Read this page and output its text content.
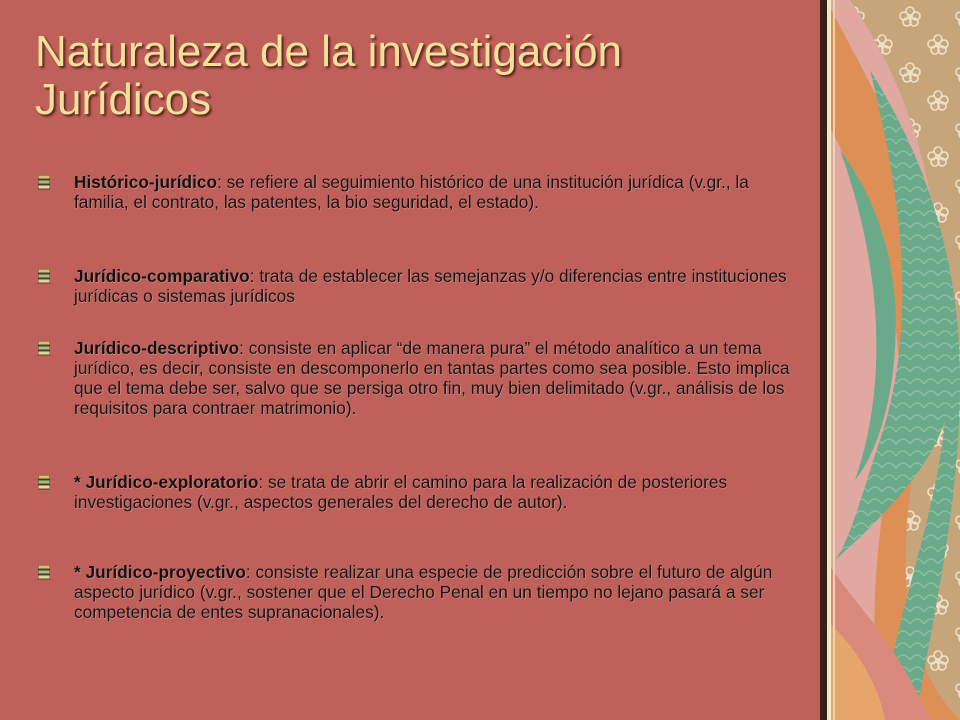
Naturaleza de la investigación Jurídicos
Histórico-jurídico: se refiere al seguimiento histórico de una institución jurídica (v.gr., la familia, el contrato, las patentes, la bio seguridad, el estado).
Jurídico-comparativo: trata de establecer las semejanzas y/o diferencias entre instituciones jurídicas o sistemas jurídicos
Jurídico-descriptivo: consiste en aplicar “de manera pura” el método analítico a un tema jurídico, es decir, consiste en descomponerlo en tantas partes como sea posible. Esto implica que el tema debe ser, salvo que se persiga otro fin, muy bien delimitado (v.gr., análisis de los requisitos para contraer matrimonio).
* Jurídico-exploratorio: se trata de abrir el camino para la realización de posteriores investigaciones (v.gr., aspectos generales del derecho de autor).
* Jurídico-proyectivo: consiste realizar una especie de predicción sobre el futuro de algún aspecto jurídico (v.gr., sostener que el Derecho Penal en un tiempo no lejano pasará a ser competencia de entes supranacionales).
